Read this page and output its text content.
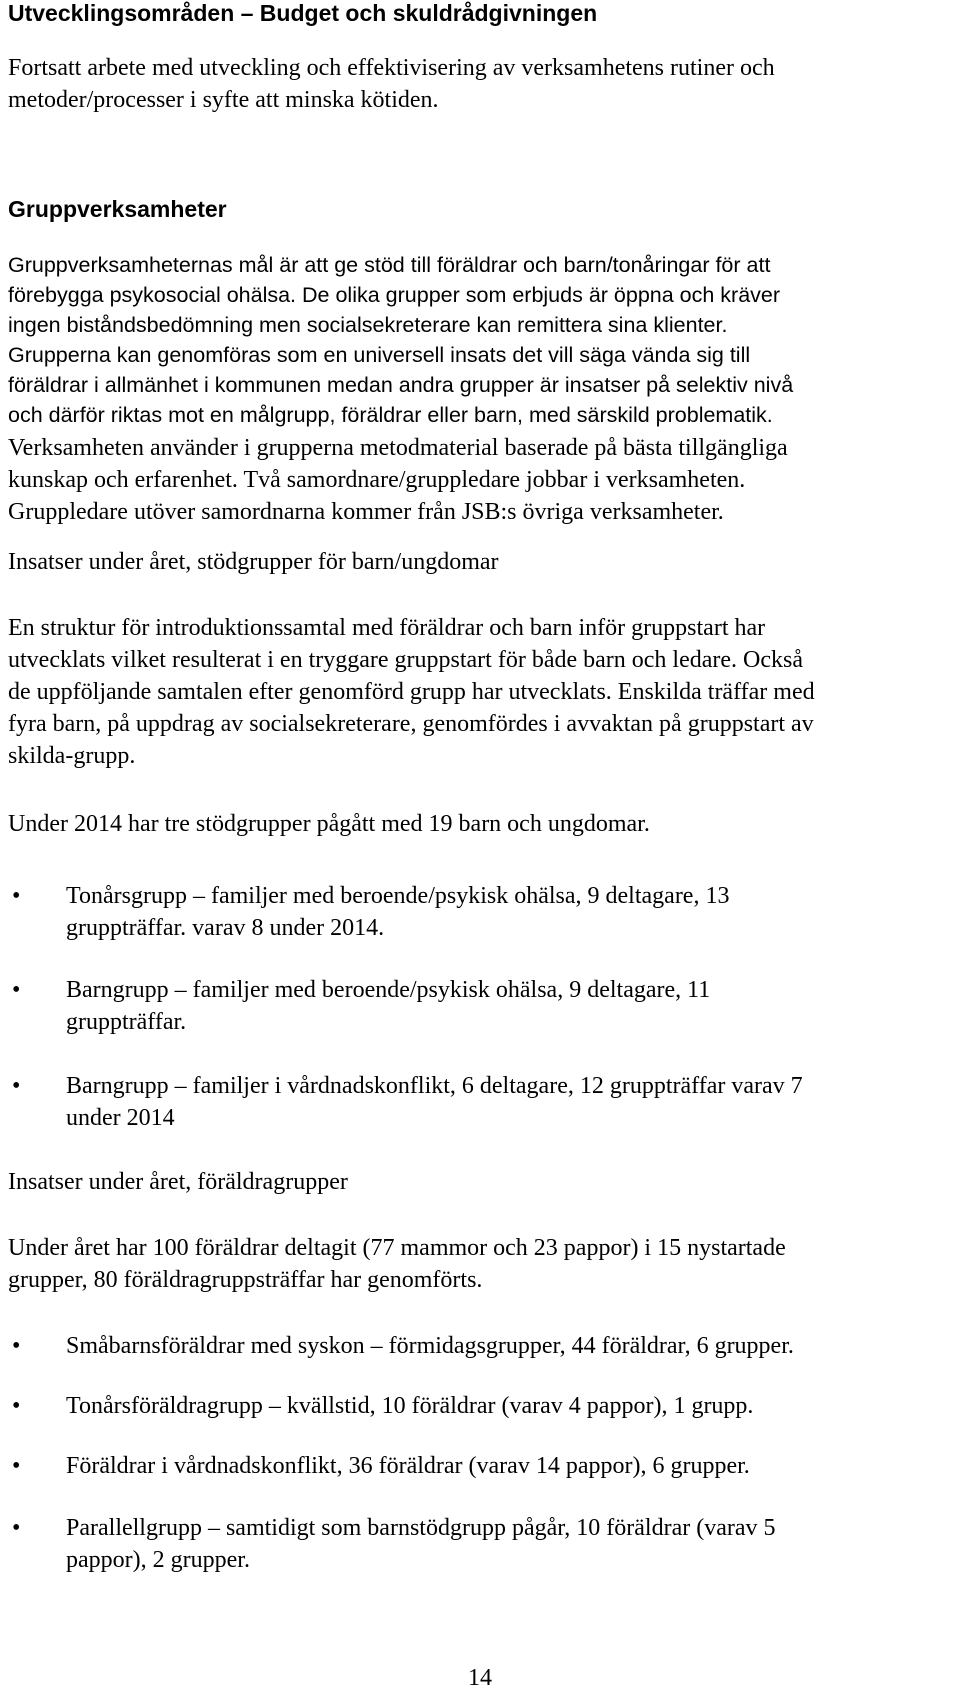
Utvecklingsområden – Budget och skuldrådgivningen

Fortsatt arbete med utveckling och effektivisering av verksamhetens rutiner och
metoder/processer i syfte att minska kötiden.

Gruppverksamheter

Gruppverksamheternas mål är att ge stöd till föräldrar och barn/tonåringar för att
förebygga psykosocial ohälsa. De olika grupper som erbjuds är öppna och kräver
ingen biståndsbedömning men socialsekreterare kan remittera sina klienter.
Grupperna kan genomföras som en universell insats det vill säga vända sig till
föräldrar i allmänhet i kommunen medan andra grupper är insatser på selektiv nivå
och därför riktas mot en målgrupp, föräldrar eller barn, med särskild problematik.

Verksamheten använder i grupperna metodmaterial baserade på bästa tillgängliga
kunskap och erfarenhet. Två samordnare/gruppledare jobbar i verksamheten.
Gruppledare utöver samordnarna kommer från JSB:s övriga verksamheter.

Insatser under året, stödgrupper för barn/ungdomar

En struktur för introduktionssamtal med föräldrar och barn inför gruppstart har
utvecklats vilket resulterat i en tryggare gruppstart för både barn och ledare. Också
de uppföljande samtalen efter genomförd grupp har utvecklats. Enskilda träffar med
fyra barn, på uppdrag av socialsekreterare, genomfördes i avvaktan på gruppstart av
skilda-grupp.

Under 2014 har tre stödgrupper pågått med 19 barn och ungdomar.
• Tonårsgrupp – familjer med beroende/psykisk ohälsa, 9 deltagare, 13
gruppträffar. varav 8 under 2014.
• Barngrupp – familjer med beroende/psykisk ohälsa, 9 deltagare, 11
gruppträffar.
• Barngrupp – familjer i vårdnadskonflikt, 6 deltagare, 12 gruppträffar varav 7
under 2014
Insatser under året, föräldragrupper

Under året har 100 föräldrar deltagit (77 mammor och 23 pappor) i 15 nystartade
grupper, 80 föräldragruppsträffar har genomförts.

• Småbarnsföräldrar med syskon – förmidagsgrupper, 44 föräldrar, 6 grupper.
• Tonårsföräldragrupp – kvällstid, 10 föräldrar (varav 4 pappor), 1 grupp.
• Föräldrar i vårdnadskonflikt, 36 föräldrar (varav 14 pappor), 6 grupper.
• Parallellgrupp – samtidigt som barnstödgrupp pågår, 10 föräldrar (varav 5
pappor), 2 grupper.
14
